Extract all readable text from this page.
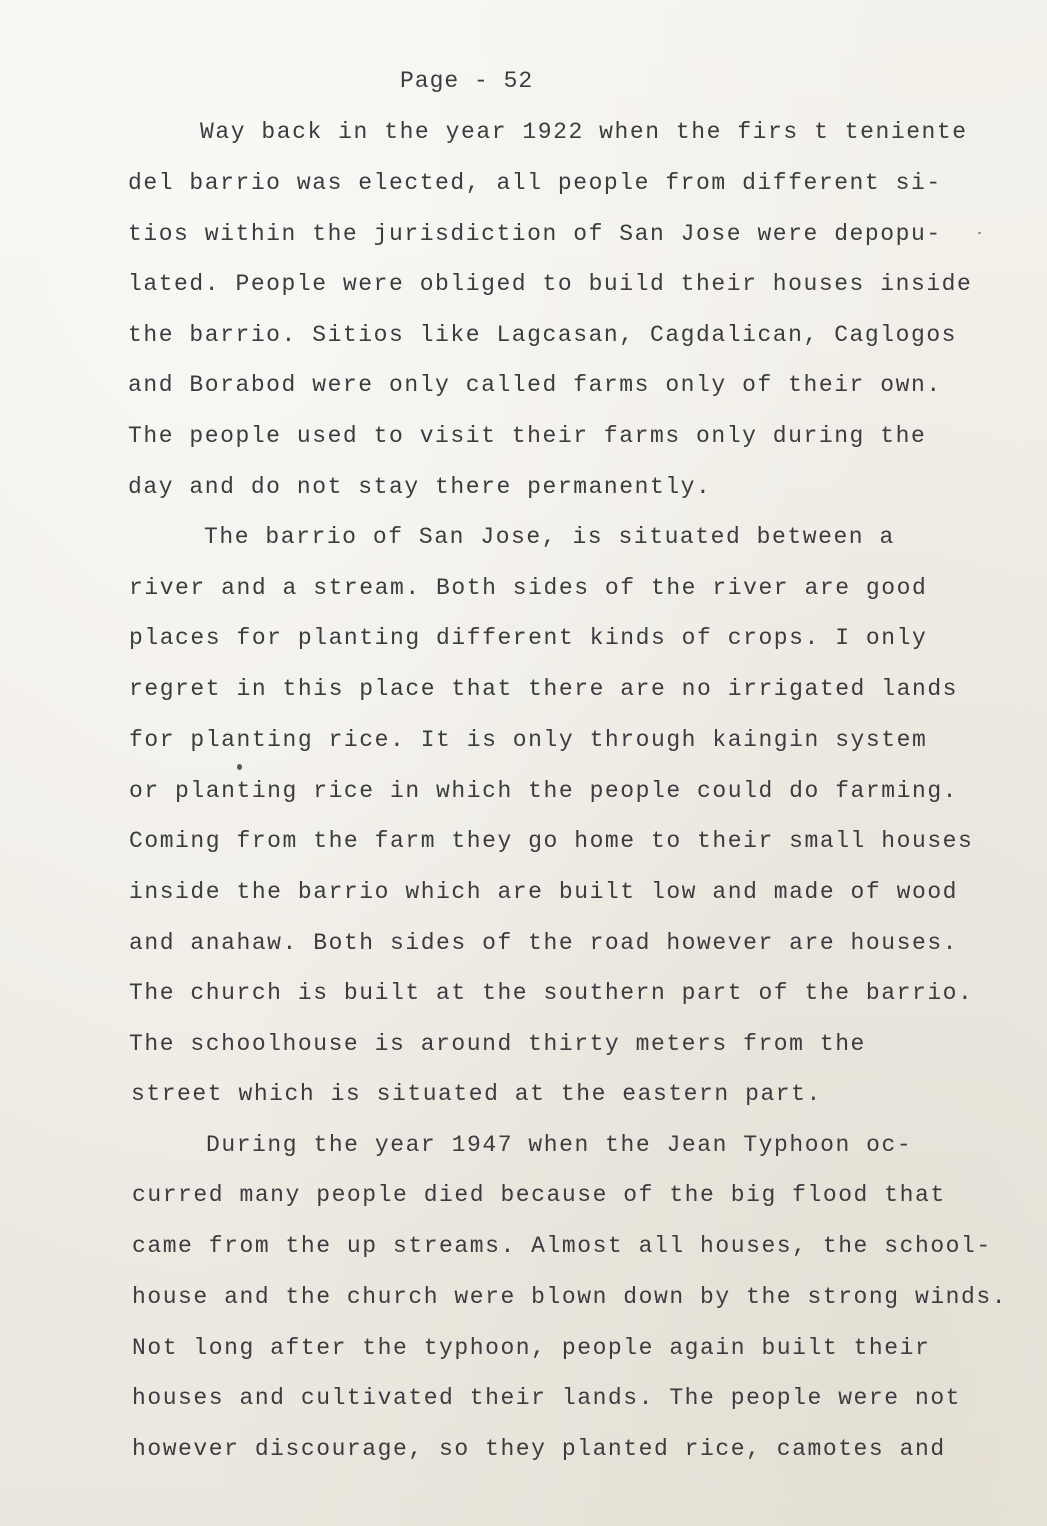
Page - 52
Way back in the year 1922 when the firs t teniente
del barrio was elected, all people from different si-
tios within the jurisdiction of San Jose were depopu-
lated. People were obliged to build their houses inside
the barrio. Sitios like Lagcasan, Cagdalican, Caglogos
and Borabod were only called farms only of their own.
The people used to visit their farms only during the
day and do not stay there permanently.
The barrio of San Jose, is situated between a
river and a stream. Both sides of the river are good
places for planting different kinds of crops. I only
regret in this place that there are no irrigated lands
for planting rice. It is only through kaingin system
or planting rice in which the people could do farming.
Coming from the farm they go home to their small houses
inside the barrio which are built low and made of wood
and anahaw. Both sides of the road however are houses.
The church is built at the southern part of the barrio.
The schoolhouse is around thirty meters from the
street which is situated at the eastern part.
During the year 1947 when the Jean Typhoon oc-
curred many people died because of the big flood that
came from the up streams. Almost all houses, the school-
house and the church were blown down by the strong winds.
Not long after the typhoon, people again built their
houses and cultivated their lands. The people were not
however discourage, so they planted rice, camotes and
